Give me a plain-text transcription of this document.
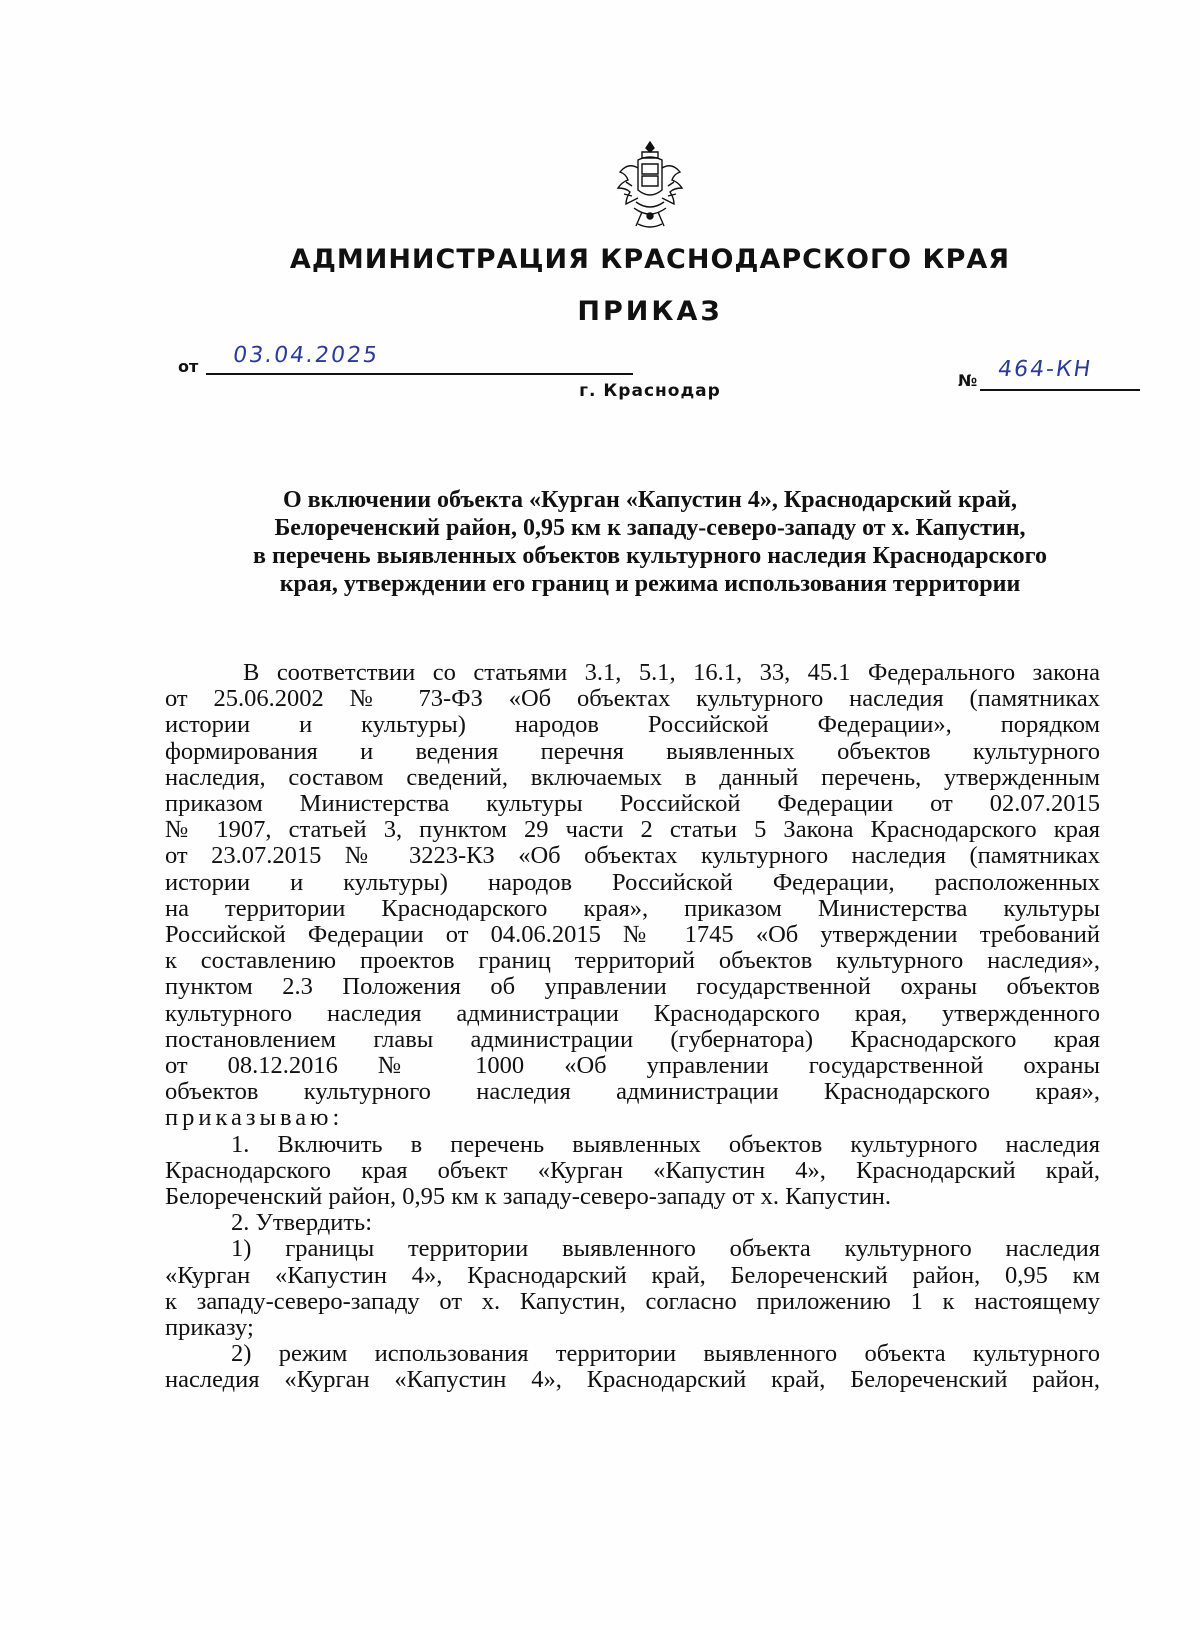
АДМИНИСТРАЦИЯ КРАСНОДАРСКОГО КРАЯ
ПРИКАЗ
от 03.04.2025
г. Краснодар
№ 464-КН
О включении объекта «Курган «Капустин 4», Краснодарский край,
Белореченский район, 0,95 км к западу-северо-западу от х. Капустин,
в перечень выявленных объектов культурного наследия Краснодарского
края, утверждении его границ и режима использования территории
В соответствии со статьями 3.1, 5.1, 16.1, 33, 45.1 Федерального закона
от 25.06.2002 № 73-ФЗ «Об объектах культурного наследия (памятниках
истории и культуры) народов Российской Федерации», порядком
формирования и ведения перечня выявленных объектов культурного
наследия, составом сведений, включаемых в данный перечень, утвержденным
приказом Министерства культуры Российской Федерации от 02.07.2015
№ 1907, статьей 3, пунктом 29 части 2 статьи 5 Закона Краснодарского края
от 23.07.2015 № 3223-КЗ «Об объектах культурного наследия (памятниках
истории и культуры) народов Российской Федерации, расположенных
на территории Краснодарского края», приказом Министерства культуры
Российской Федерации от 04.06.2015 № 1745 «Об утверждении требований
к составлению проектов границ территорий объектов культурного наследия»,
пунктом 2.3 Положения об управлении государственной охраны объектов
культурного наследия администрации Краснодарского края, утвержденного
постановлением главы администрации (губернатора) Краснодарского края
от 08.12.2016 № 1000 «Об управлении государственной охраны
объектов культурного наследия администрации Краснодарского края»,
приказываю:
1. Включить в перечень выявленных объектов культурного наследия
Краснодарского края объект «Курган «Капустин 4», Краснодарский край,
Белореченский район, 0,95 км к западу-северо-западу от х. Капустин.
2. Утвердить:
1) границы территории выявленного объекта культурного наследия
«Курган «Капустин 4», Краснодарский край, Белореченский район, 0,95 км
к западу-северо-западу от х. Капустин, согласно приложению 1 к настоящему
приказу;
2) режим использования территории выявленного объекта культурного
наследия «Курган «Капустин 4», Краснодарский край, Белореченский район,
